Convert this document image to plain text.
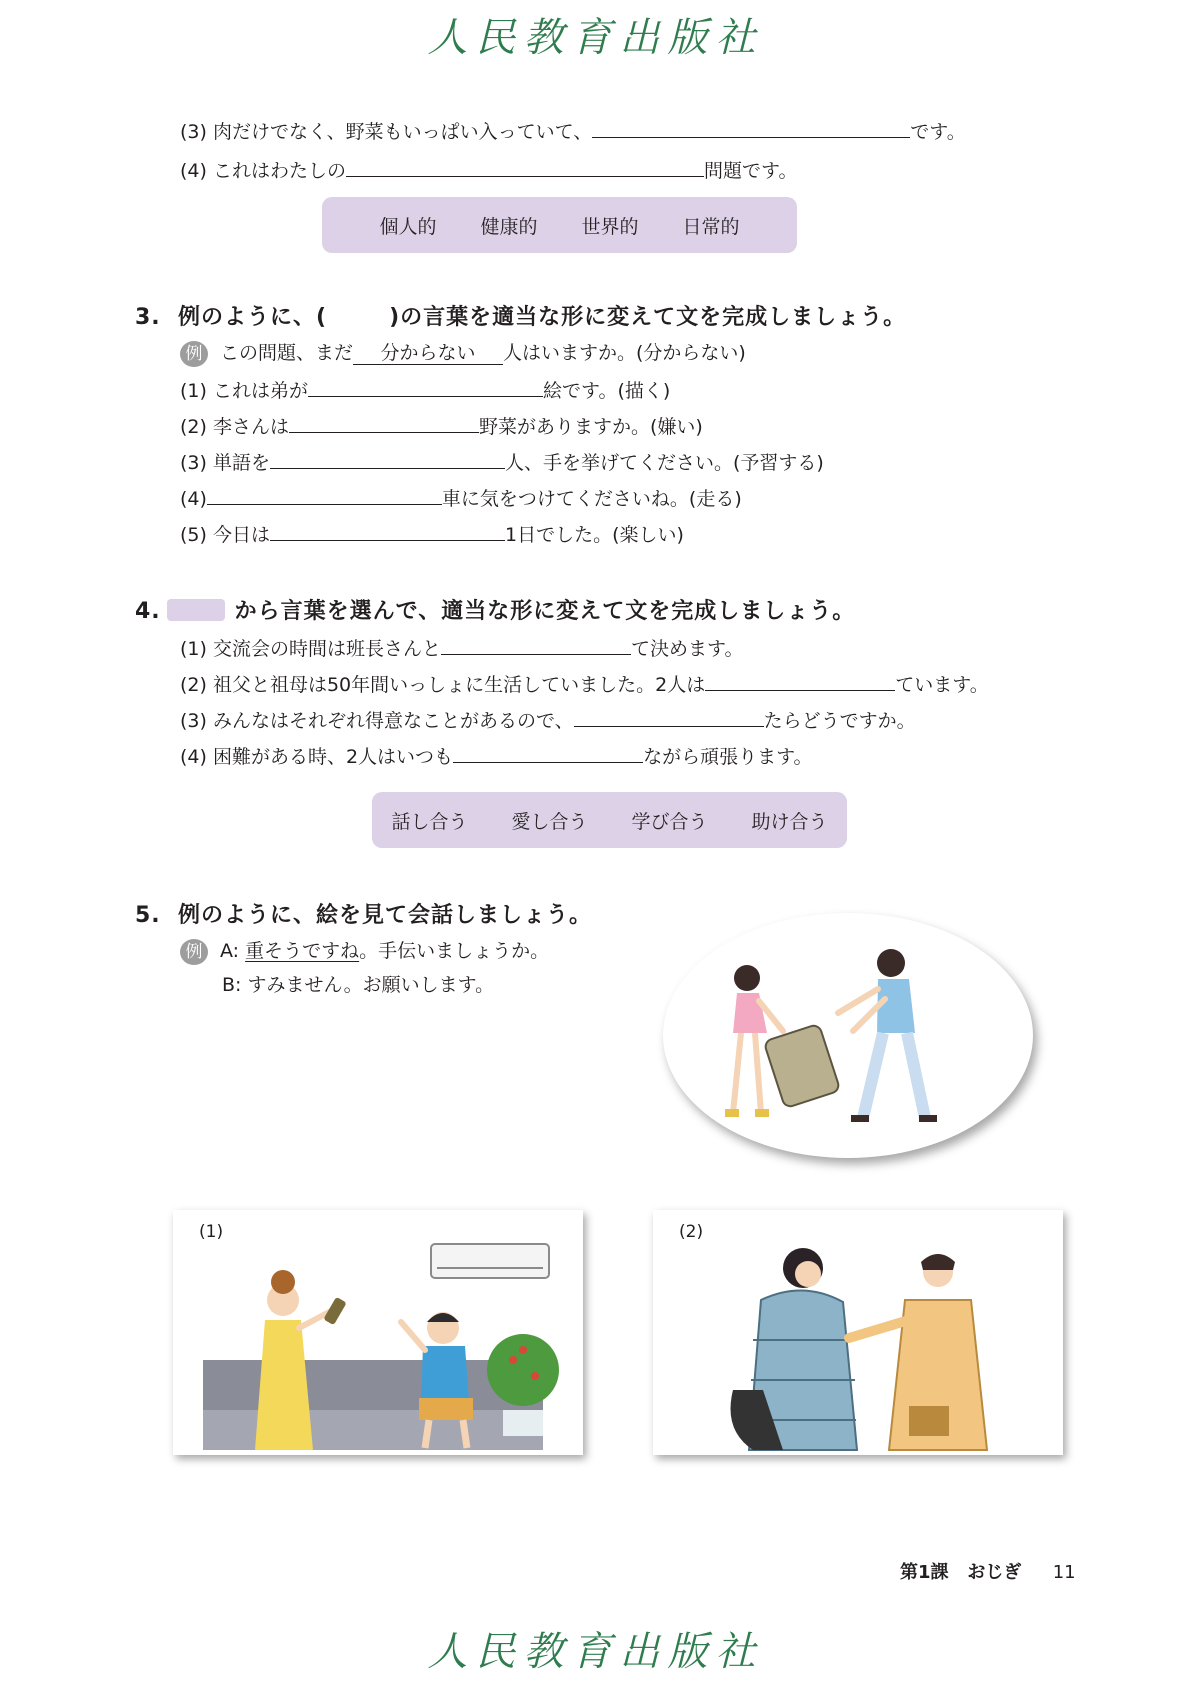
人民教育出版社
(3) 肉だけでなく、野菜もいっぱい入っていて、	です。
(4) これはわたしの	問題です。
個人的 健康的 世界的 日常的
3. 例のように、(	)の言葉を適当な形に変えて文を完成しましょう。
例 この問題、まだ 分からない 人はいますか。(分からない)
(1) これは弟が	絵です。(描く)
(2) 李さんは	野菜がありますか。(嫌い)
(3) 単語を	人、手を挙げてください。(予習する)
(4)	車に気をつけてくださいね。(走る)
(5) 今日は	1日でした。(楽しい)
4.	から言葉を選んで、適当な形に変えて文を完成しましょう。
(1) 交流会の時間は班長さんと	て決めます。
(2) 祖父と祖母は50年間いっしょに生活していました。2人は	ています。
(3) みんなはそれぞれ得意なことがあるので、	たらどうですか。
(4) 困難がある時、2人はいつも	ながら頑張ります。
話し合う 愛し合う 学び合う 助け合う
5. 例のように、絵を見て会話しましょう。
例 A: 重そうですね。手伝いましょうか。
B: すみません。お願いします。
(1)	(2)
第1課 おじぎ 11
人民教育出版社
